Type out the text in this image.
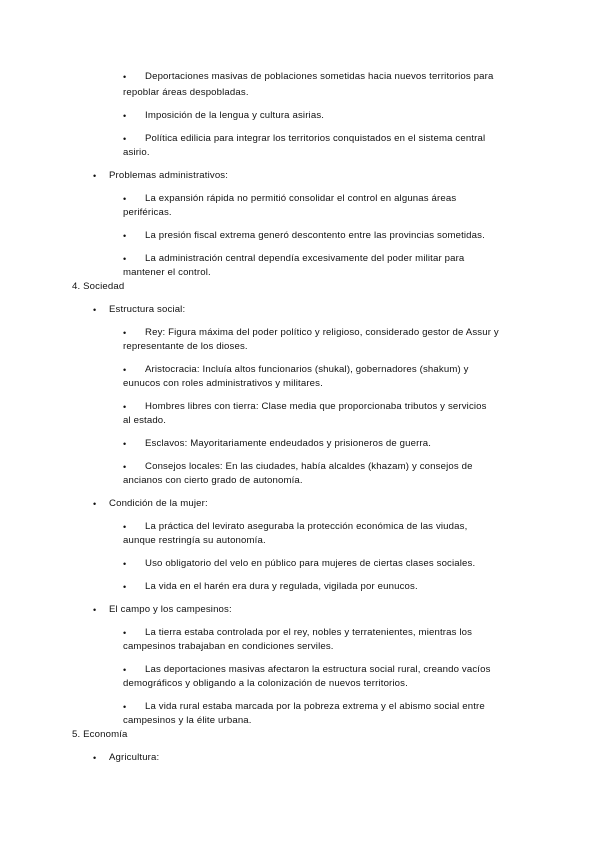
• Deportaciones masivas de poblaciones sometidas hacia nuevos territorios para
repoblar áreas despobladas.
• Imposición de la lengua y cultura asirias.
• Política edilicia para integrar los territorios conquistados en el sistema central
asirio.
• Problemas administrativos:
• La expansión rápida no permitió consolidar el control en algunas áreas
periféricas.
• La presión fiscal extrema generó descontento entre las provincias sometidas.
• La administración central dependía excesivamente del poder militar para
mantener el control.
4. Sociedad
• Estructura social:
• Rey: Figura máxima del poder político y religioso, considerado gestor de Assur y
representante de los dioses.
• Aristocracia: Incluía altos funcionarios (shukal), gobernadores (shakum) y
eunucos con roles administrativos y militares.
• Hombres libres con tierra: Clase media que proporcionaba tributos y servicios
al estado.
• Esclavos: Mayoritariamente endeudados y prisioneros de guerra.
• Consejos locales: En las ciudades, había alcaldes (khazam) y consejos de
ancianos con cierto grado de autonomía.
• Condición de la mujer:
• La práctica del levirato aseguraba la protección económica de las viudas,
aunque restringía su autonomía.
• Uso obligatorio del velo en público para mujeres de ciertas clases sociales.
• La vida en el harén era dura y regulada, vigilada por eunucos.
• El campo y los campesinos:
• La tierra estaba controlada por el rey, nobles y terratenientes, mientras los
campesinos trabajaban en condiciones serviles.
• Las deportaciones masivas afectaron la estructura social rural, creando vacíos
demográficos y obligando a la colonización de nuevos territorios.
• La vida rural estaba marcada por la pobreza extrema y el abismo social entre
campesinos y la élite urbana.
5. Economía
• Agricultura:
